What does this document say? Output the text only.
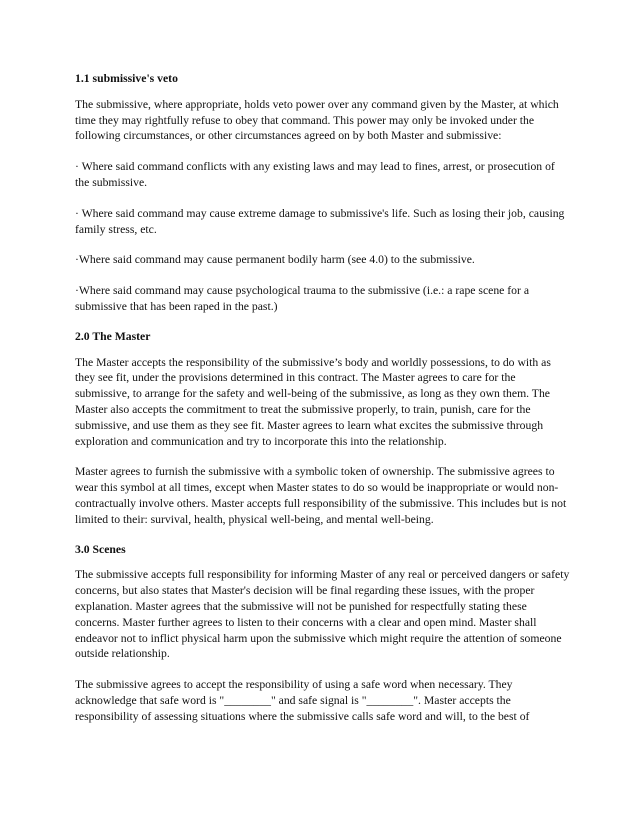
1.1 submissive's veto
The submissive, where appropriate, holds veto power over any command given by the Master, at which time they may rightfully refuse to obey that command. This power may only be invoked under the following circumstances, or other circumstances agreed on by both Master and submissive:
· Where said command conflicts with any existing laws and may lead to fines, arrest, or prosecution of the submissive.
· Where said command may cause extreme damage to submissive's life. Such as losing their job, causing family stress, etc.
·Where said command may cause permanent bodily harm (see 4.0) to the submissive.
·Where said command may cause psychological trauma to the submissive (i.e.: a rape scene for a submissive that has been raped in the past.)
2.0 The Master
The Master accepts the responsibility of the submissive’s body and worldly possessions, to do with as they see fit, under the provisions determined in this contract. The Master agrees to care for the submissive, to arrange for the safety and well-being of the submissive, as long as they own them. The Master also accepts the commitment to treat the submissive properly, to train, punish, care for the submissive, and use them as they see fit. Master agrees to learn what excites the submissive through exploration and communication and try to incorporate this into the relationship.
Master agrees to furnish the submissive with a symbolic token of ownership. The submissive agrees to wear this symbol at all times, except when Master states to do so would be inappropriate or would non-contractually involve others. Master accepts full responsibility of the submissive. This includes but is not limited to their: survival, health, physical well-being, and mental well-being.
3.0 Scenes
The submissive accepts full responsibility for informing Master of any real or perceived dangers or safety concerns, but also states that Master's decision will be final regarding these issues, with the proper explanation. Master agrees that the submissive will not be punished for respectfully stating these concerns. Master further agrees to listen to their concerns with a clear and open mind. Master shall endeavor not to inflict physical harm upon the submissive which might require the attention of someone outside relationship.
The submissive agrees to accept the responsibility of using a safe word when necessary. They acknowledge that safe word is "________" and safe signal is "________". Master accepts the responsibility of assessing situations where the submissive calls safe word and will, to the best of
